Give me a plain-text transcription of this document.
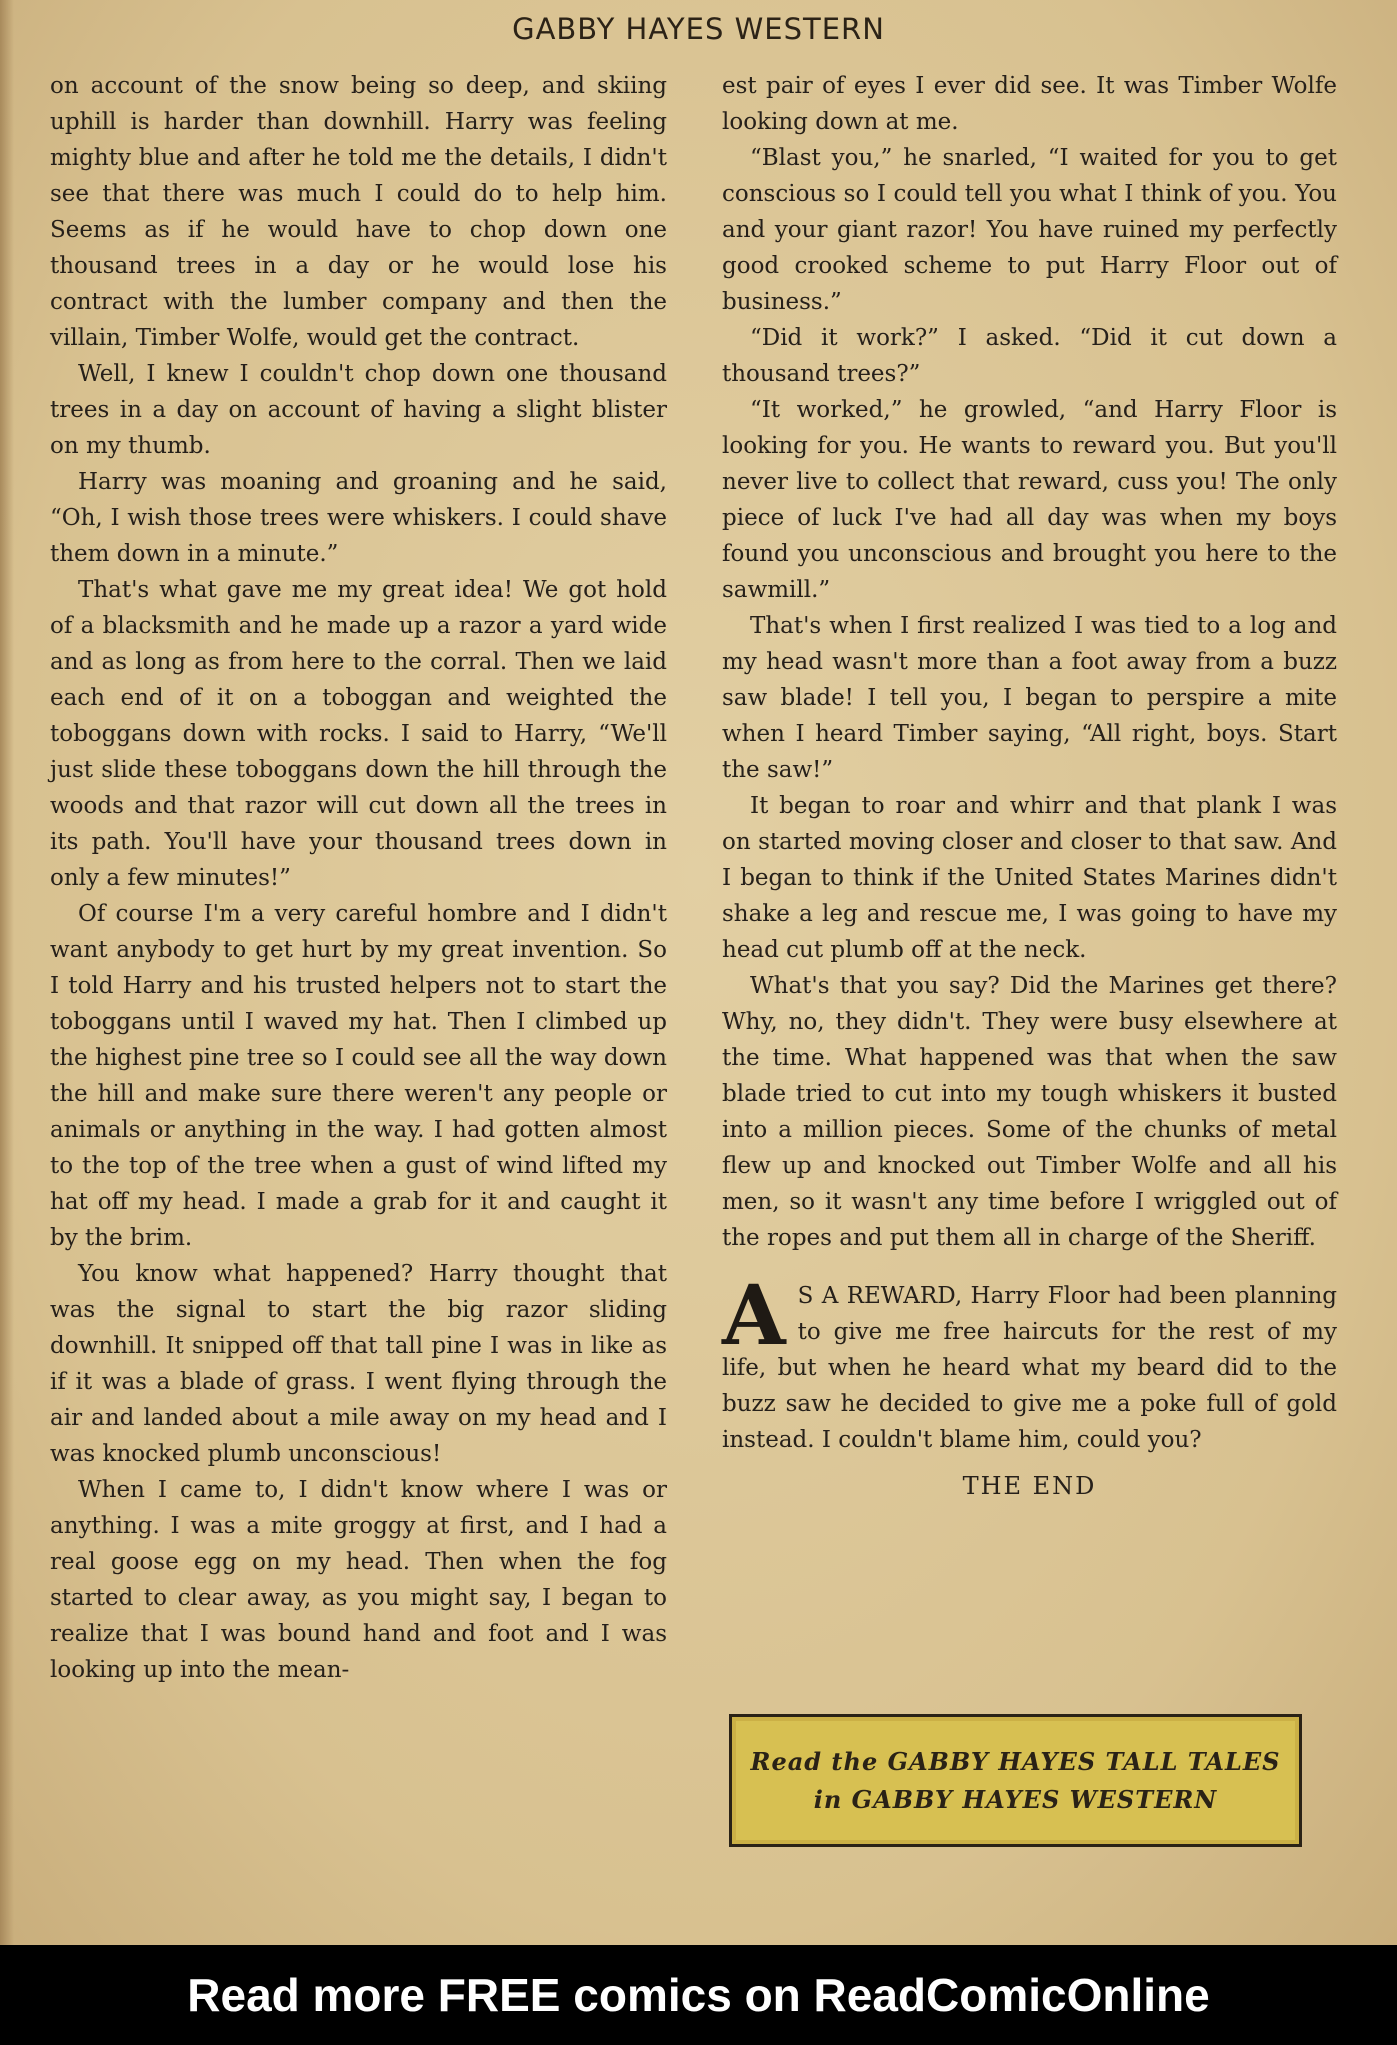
GABBY HAYES WESTERN

on account of the snow being so deep, and skiing uphill is harder than downhill. Harry was feeling mighty blue and after he told me the details, I didn't see that there was much I could do to help him. Seems as if he would have to chop down one thousand trees in a day or he would lose his contract with the lumber company and then the villain, Timber Wolfe, would get the contract.

Well, I knew I couldn't chop down one thousand trees in a day on account of having a slight blister on my thumb.

Harry was moaning and groaning and he said, “Oh, I wish those trees were whiskers. I could shave them down in a minute.”

That's what gave me my great idea! We got hold of a blacksmith and he made up a razor a yard wide and as long as from here to the corral. Then we laid each end of it on a toboggan and weighted the toboggans down with rocks. I said to Harry, “We'll just slide these toboggans down the hill through the woods and that razor will cut down all the trees in its path. You'll have your thousand trees down in only a few minutes!”

Of course I'm a very careful hombre and I didn't want anybody to get hurt by my great invention. So I told Harry and his trusted helpers not to start the toboggans until I waved my hat. Then I climbed up the highest pine tree so I could see all the way down the hill and make sure there weren't any people or animals or anything in the way. I had gotten almost to the top of the tree when a gust of wind lifted my hat off my head. I made a grab for it and caught it by the brim.

You know what happened? Harry thought that was the signal to start the big razor sliding downhill. It snipped off that tall pine I was in like as if it was a blade of grass. I went flying through the air and landed about a mile away on my head and I was knocked plumb unconscious!

When I came to, I didn't know where I was or anything. I was a mite groggy at first, and I had a real goose egg on my head. Then when the fog started to clear away, as you might say, I began to realize that I was bound hand and foot and I was looking up into the mean-

est pair of eyes I ever did see. It was Timber Wolfe looking down at me.

“Blast you,” he snarled, “I waited for you to get conscious so I could tell you what I think of you. You and your giant razor! You have ruined my perfectly good crooked scheme to put Harry Floor out of business.”

“Did it work?” I asked. “Did it cut down a thousand trees?”

“It worked,” he growled, “and Harry Floor is looking for you. He wants to reward you. But you'll never live to collect that reward, cuss you! The only piece of luck I've had all day was when my boys found you unconscious and brought you here to the sawmill.”

That's when I first realized I was tied to a log and my head wasn't more than a foot away from a buzz saw blade! I tell you, I began to perspire a mite when I heard Timber saying, “All right, boys. Start the saw!”

It began to roar and whirr and that plank I was on started moving closer and closer to that saw. And I began to think if the United States Marines didn't shake a leg and rescue me, I was going to have my head cut plumb off at the neck.

What's that you say? Did the Marines get there? Why, no, they didn't. They were busy elsewhere at the time. What happened was that when the saw blade tried to cut into my tough whiskers it busted into a million pieces. Some of the chunks of metal flew up and knocked out Timber Wolfe and all his men, so it wasn't any time before I wriggled out of the ropes and put them all in charge of the Sheriff.

A S A REWARD, Harry Floor had been planning to give me free haircuts for the rest of my life, but when he heard what my beard did to the buzz saw he decided to give me a poke full of gold instead. I couldn't blame him, could you?

THE END
Read the GABBY HAYES TALL TALES
in GABBY HAYES WESTERN
Read more FREE comics on ReadComicOnline
